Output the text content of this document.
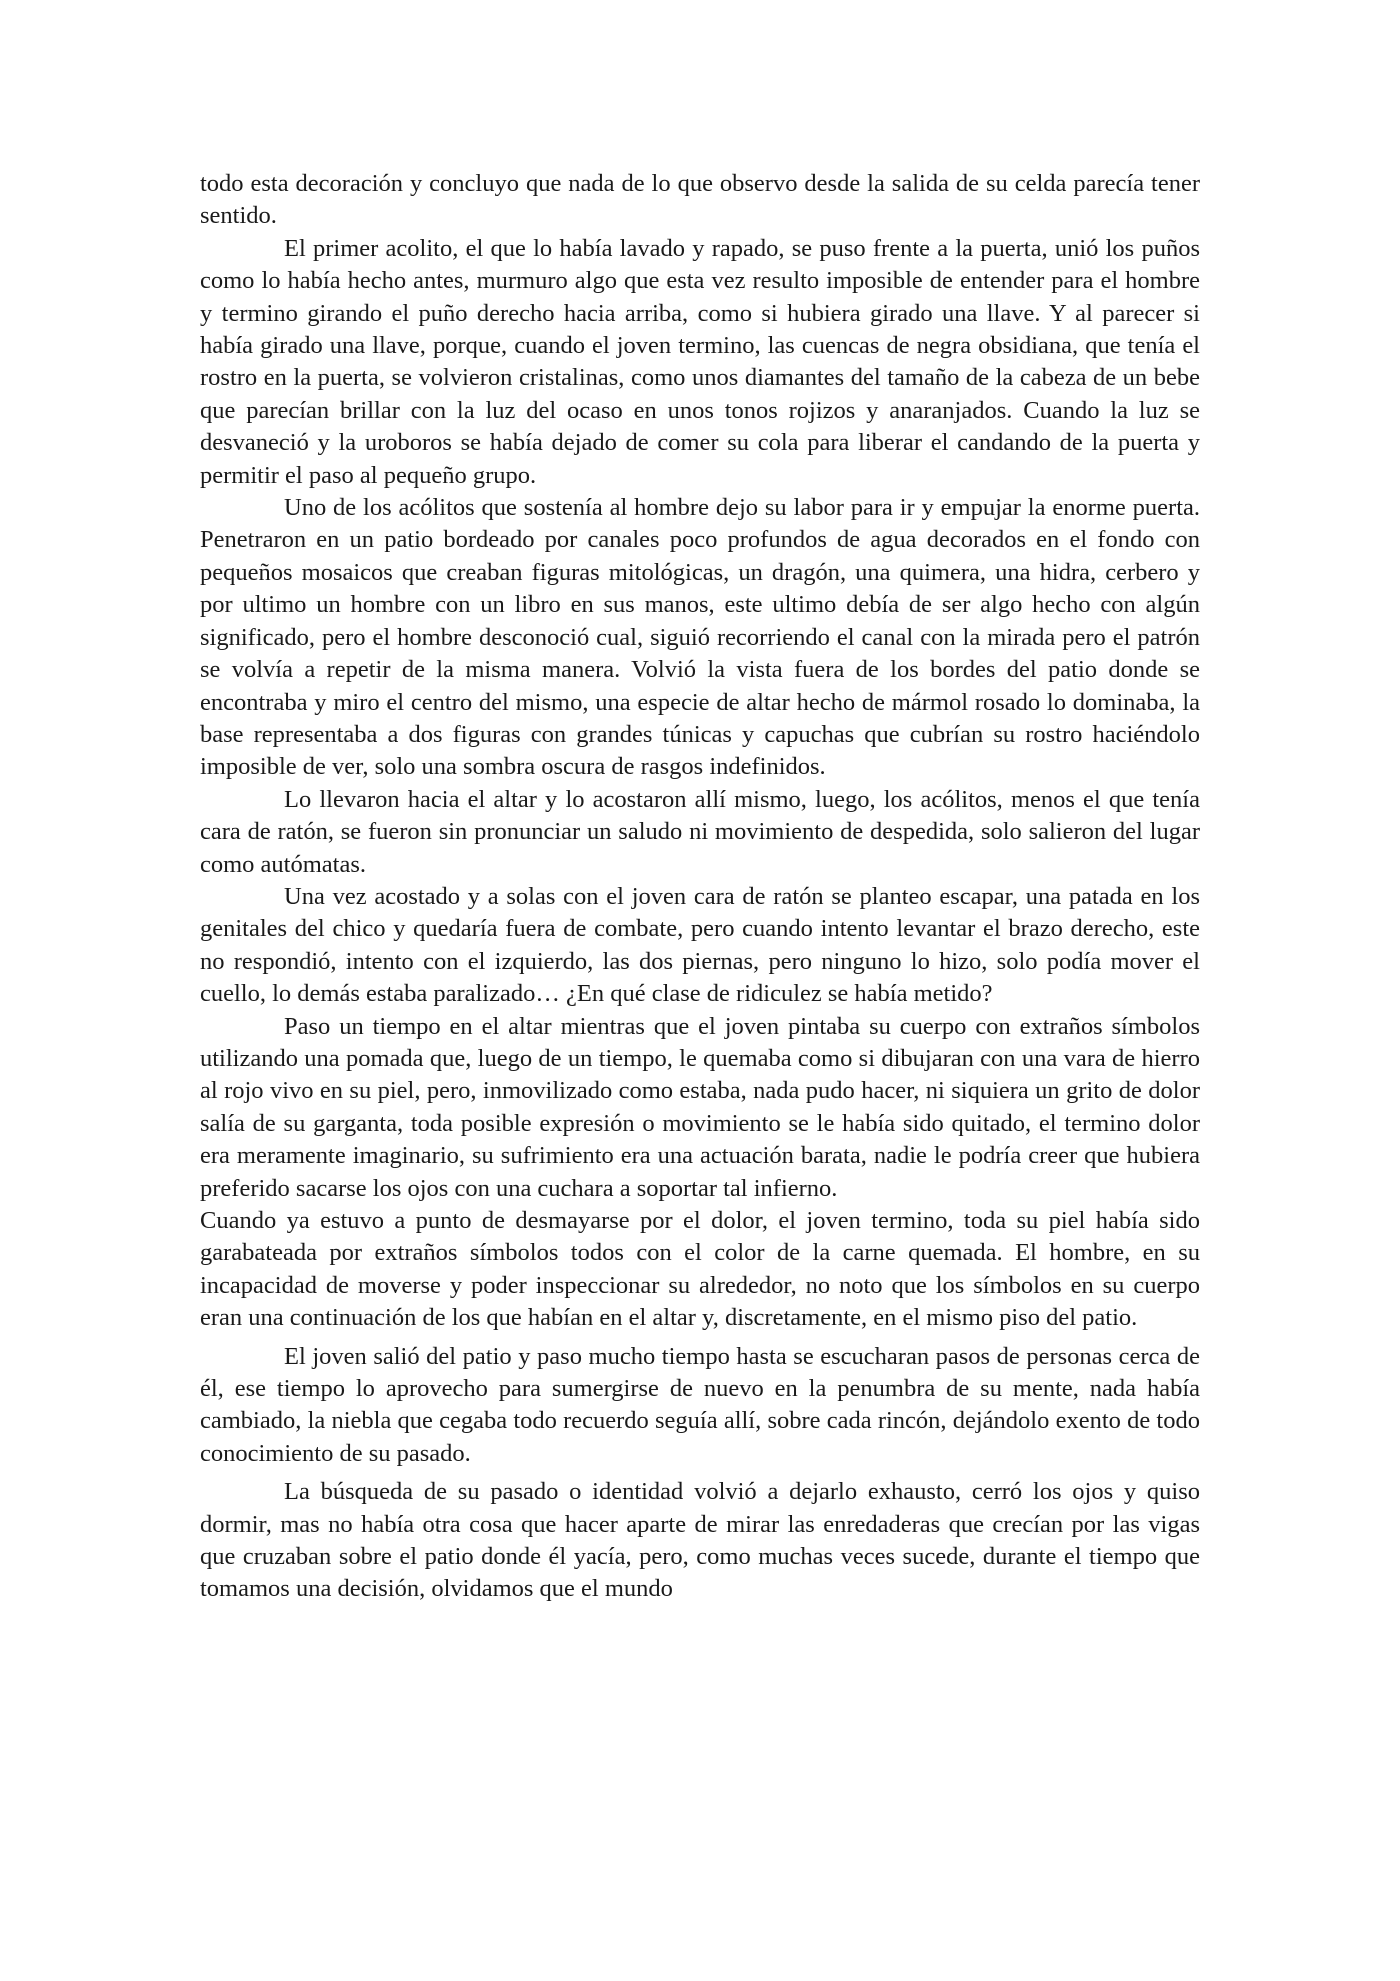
todo esta decoración y concluyo que nada de lo que observo desde la salida de su celda parecía tener sentido.

El primer acolito, el que lo había lavado y rapado, se puso frente a la puerta, unió los puños como lo había hecho antes, murmuro algo que esta vez resulto imposible de entender para el hombre y termino girando el puño derecho hacia arriba, como si hubiera girado una llave. Y al parecer si había girado una llave, porque, cuando el joven termino, las cuencas de negra obsidiana, que tenía el rostro en la puerta, se volvieron cristalinas, como unos diamantes del tamaño de la cabeza de un bebe que parecían brillar con la luz del ocaso en unos tonos rojizos y anaranjados. Cuando la luz se desvaneció y la uroboros se había dejado de comer su cola para liberar el candando de la puerta y permitir el paso al pequeño grupo.

Uno de los acólitos que sostenía al hombre dejo su labor para ir y empujar la enorme puerta. Penetraron en un patio bordeado por canales poco profundos de agua decorados en el fondo con pequeños mosaicos que creaban figuras mitológicas, un dragón, una quimera, una hidra, cerbero y por ultimo un hombre con un libro en sus manos, este ultimo debía de ser algo hecho con algún significado, pero el hombre desconoció cual, siguió recorriendo el canal con la mirada pero el patrón se volvía a repetir de la misma manera. Volvió la vista fuera de los bordes del patio donde se encontraba y miro el centro del mismo, una especie de altar hecho de mármol rosado lo dominaba, la base representaba a dos figuras con grandes túnicas y capuchas que cubrían su rostro haciéndolo imposible de ver, solo una sombra oscura de rasgos indefinidos.

Lo llevaron hacia el altar y lo acostaron allí mismo, luego, los acólitos, menos el que tenía cara de ratón, se fueron sin pronunciar un saludo ni movimiento de despedida, solo salieron del lugar como autómatas.

Una vez acostado y a solas con el joven cara de ratón se planteo escapar, una patada en los genitales del chico y quedaría fuera de combate, pero cuando intento levantar el brazo derecho, este no respondió, intento con el izquierdo, las dos piernas, pero ninguno lo hizo, solo podía mover el cuello, lo demás estaba paralizado… ¿En qué clase de ridiculez se había metido?

Paso un tiempo en el altar mientras que el joven pintaba su cuerpo con extraños símbolos utilizando una pomada que, luego de un tiempo, le quemaba como si dibujaran con una vara de hierro al rojo vivo en su piel, pero, inmovilizado como estaba, nada pudo hacer, ni siquiera un grito de dolor salía de su garganta, toda posible expresión o movimiento se le había sido quitado, el termino dolor era meramente imaginario, su sufrimiento era una actuación barata, nadie le podría creer que hubiera preferido sacarse los ojos con una cuchara a soportar tal infierno.

Cuando ya estuvo a punto de desmayarse por el dolor, el joven termino, toda su piel había sido garabateada por extraños símbolos todos con el color de la carne quemada. El hombre, en su incapacidad de moverse y poder inspeccionar su alrededor, no noto que los símbolos en su cuerpo eran una continuación de los que habían en el altar y, discretamente, en el mismo piso del patio.

El joven salió del patio y paso mucho tiempo hasta se escucharan pasos de personas cerca de él, ese tiempo lo aprovecho para sumergirse de nuevo en la penumbra de su mente, nada había cambiado, la niebla que cegaba todo recuerdo seguía allí, sobre cada rincón, dejándolo exento de todo conocimiento de su pasado.

La búsqueda de su pasado o identidad volvió a dejarlo exhausto, cerró los ojos y quiso dormir, mas no había otra cosa que hacer aparte de mirar las enredaderas que crecían por las vigas que cruzaban sobre el patio donde él yacía, pero, como muchas veces sucede, durante el tiempo que tomamos una decisión, olvidamos que el mundo
